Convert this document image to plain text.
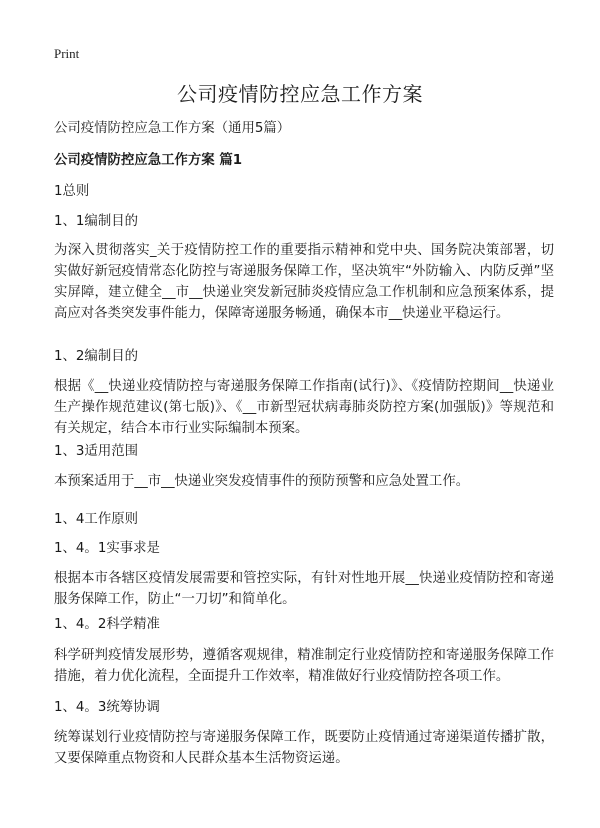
Print
公司疫情防控应急工作方案

公司疫情防控应急工作方案（通用5篇）

公司疫情防控应急工作方案 篇1

1总则

1、1编制目的

为深入贯彻落实_关于疫情防控工作的重要指示精神和党中央、国务院决策部署，切实做好新冠疫情常态化防控与寄递服务保障工作，坚决筑牢“外防输入、内防反弹”坚实屏障，建立健全__市__快递业突发新冠肺炎疫情应急工作机制和应急预案体系，提高应对各类突发事件能力，保障寄递服务畅通，确保本市__快递业平稳运行。

1、2编制目的

根据《__快递业疫情防控与寄递服务保障工作指南(试行)》、《疫情防控期间__快递业生产操作规范建议(第七版)》、《__市新型冠状病毒肺炎防控方案(加强版)》等规范和有关规定，结合本市行业实际编制本预案。

1、3适用范围

本预案适用于__市__快递业突发疫情事件的预防预警和应急处置工作。

1、4工作原则

1、4。1实事求是

根据本市各辖区疫情发展需要和管控实际，有针对性地开展__快递业疫情防控和寄递服务保障工作，防止“一刀切”和简单化。

1、4。2科学精准

科学研判疫情发展形势，遵循客观规律，精准制定行业疫情防控和寄递服务保障工作措施，着力优化流程，全面提升工作效率，精准做好行业疫情防控各项工作。

1、4。3统筹协调

统筹谋划行业疫情防控与寄递服务保障工作，既要防止疫情通过寄递渠道传播扩散，又要保障重点物资和人民群众基本生活物资运递。
